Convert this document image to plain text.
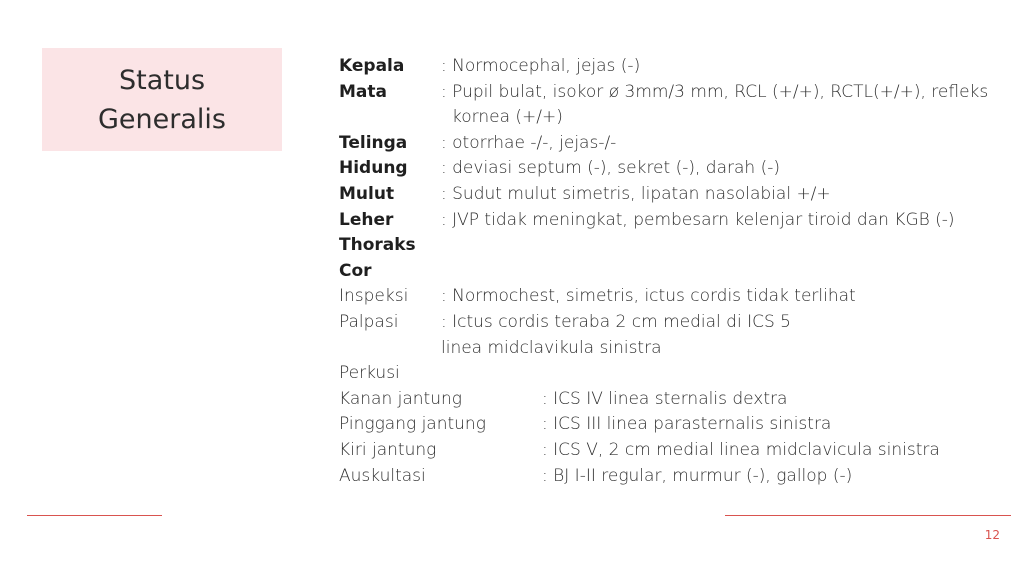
Status
Generalis
Kepala : Normocephal, jejas (-)
Mata	: Pupil bulat, isokor ø 3mm/3 mm, RCL (+/+), RCTL(+/+), refleks
kornea (+/+)
Telinga : otorrhae -/-, jejas-/-
Hidung : deviasi septum (-), sekret (-), darah (-)
Mulut	: Sudut mulut simetris, lipatan nasolabial +/+
Leher	: JVP tidak meningkat, pembesarn kelenjar tiroid dan KGB (-)
Thoraks
Cor
Inspeksi : Normochest, simetris, ictus cordis tidak terlihat
Palpasi	: Ictus cordis teraba 2 cm medial di ICS 5
linea midclavikula sinistra
Perkusi
Kanan jantung	: ICS IV linea sternalis dextra
Pinggang jantung	: ICS III linea parasternalis sinistra
Kiri jantung	: ICS V, 2 cm medial linea midclavicula sinistra
Auskultasi	: BJ I-II regular, murmur (-), gallop (-)
12
